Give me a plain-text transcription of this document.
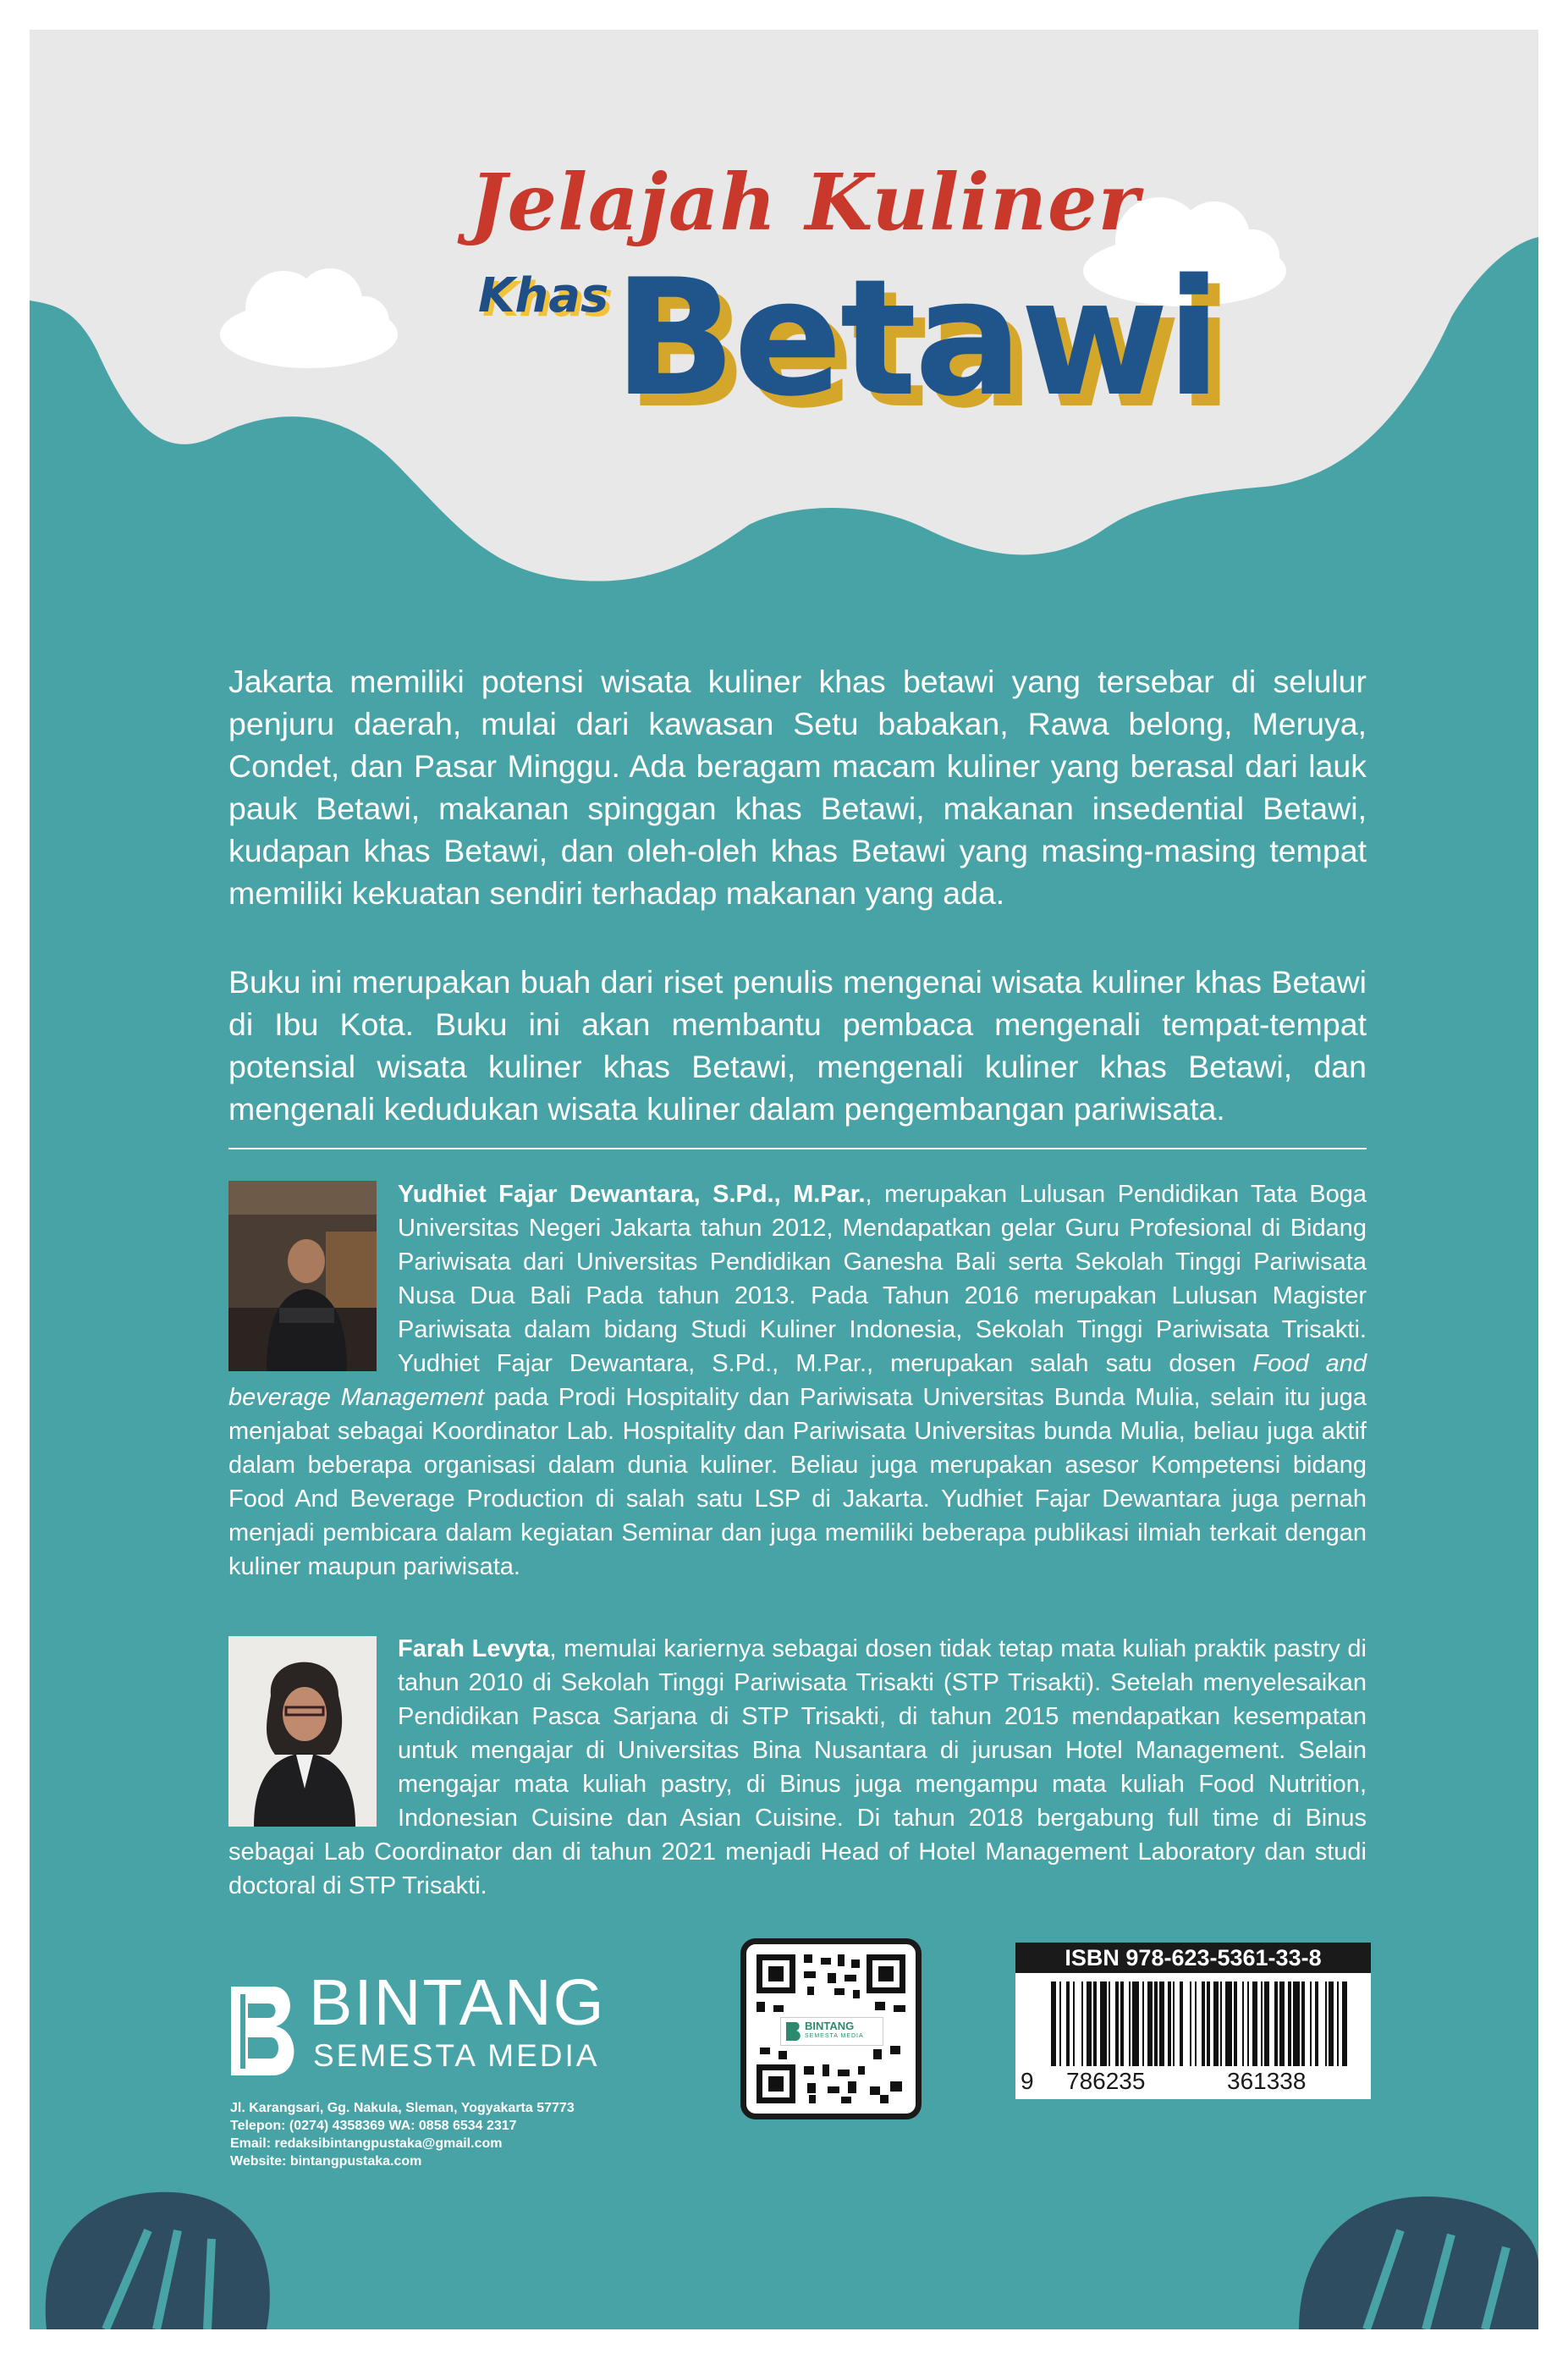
Jelajah Kuliner
Khas Betawi

Jakarta memiliki potensi wisata kuliner khas betawi yang tersebar di selulur penjuru daerah, mulai dari kawasan Setu babakan, Rawa belong, Meruya, Condet, dan Pasar Minggu. Ada beragam macam kuliner yang berasal dari lauk pauk Betawi, makanan spinggan khas Betawi, makanan insedential Betawi, kudapan khas Betawi, dan oleh-oleh khas Betawi yang masing-masing tempat memiliki kekuatan sendiri terhadap makanan yang ada.

Buku ini merupakan buah dari riset penulis mengenai wisata kuliner khas Betawi di Ibu Kota. Buku ini akan membantu pembaca mengenali tempat-tempat potensial wisata kuliner khas Betawi, mengenali kuliner khas Betawi, dan mengenali kedudukan wisata kuliner dalam pengembangan pariwisata.

Yudhiet Fajar Dewantara, S.Pd., M.Par., merupakan Lulusan Pendidikan Tata Boga Universitas Negeri Jakarta tahun 2012, Mendapatkan gelar Guru Profesional di Bidang Pariwisata dari Universitas Pendidikan Ganesha Bali serta Sekolah Tinggi Pariwisata Nusa Dua Bali Pada tahun 2013. Pada Tahun 2016 merupakan Lulusan Magister Pariwisata dalam bidang Studi Kuliner Indonesia, Sekolah Tinggi Pariwisata Trisakti. Yudhiet Fajar Dewantara, S.Pd., M.Par., merupakan salah satu dosen Food and beverage Management pada Prodi Hospitality dan Pariwisata Universitas Bunda Mulia, selain itu juga menjabat sebagai Koordinator Lab. Hospitality dan Pariwisata Universitas bunda Mulia, beliau juga aktif dalam beberapa organisasi dalam dunia kuliner. Beliau juga merupakan asesor Kompetensi bidang Food And Beverage Production di salah satu LSP di Jakarta. Yudhiet Fajar Dewantara juga pernah menjadi pembicara dalam kegiatan Seminar dan juga memiliki beberapa publikasi ilmiah terkait dengan kuliner maupun pariwisata.

Farah Levyta, memulai kariernya sebagai dosen tidak tetap mata kuliah praktik pastry di tahun 2010 di Sekolah Tinggi Pariwisata Trisakti (STP Trisakti). Setelah menyelesaikan Pendidikan Pasca Sarjana di STP Trisakti, di tahun 2015 mendapatkan kesempatan untuk mengajar di Universitas Bina Nusantara di jurusan Hotel Management. Selain mengajar mata kuliah pastry, di Binus juga mengampu mata kuliah Food Nutrition, Indonesian Cuisine dan Asian Cuisine. Di tahun 2018 bergabung full time di Binus sebagai Lab Coordinator dan di tahun 2021 menjadi Head of Hotel Management Laboratory dan studi doctoral di STP Trisakti.

BINTANG
SEMESTA MEDIA
Jl. Karangsari, Gg. Nakula, Sleman, Yogyakarta 57773
Telepon: (0274) 4358369 WA: 0858 6534 2317
Email: redaksibintangpustaka@gmail.com
Website: bintangpustaka.com
BINTANG
SEMESTA MEDIA
ISBN 978-623-5361-33-8
9 786235	361338
